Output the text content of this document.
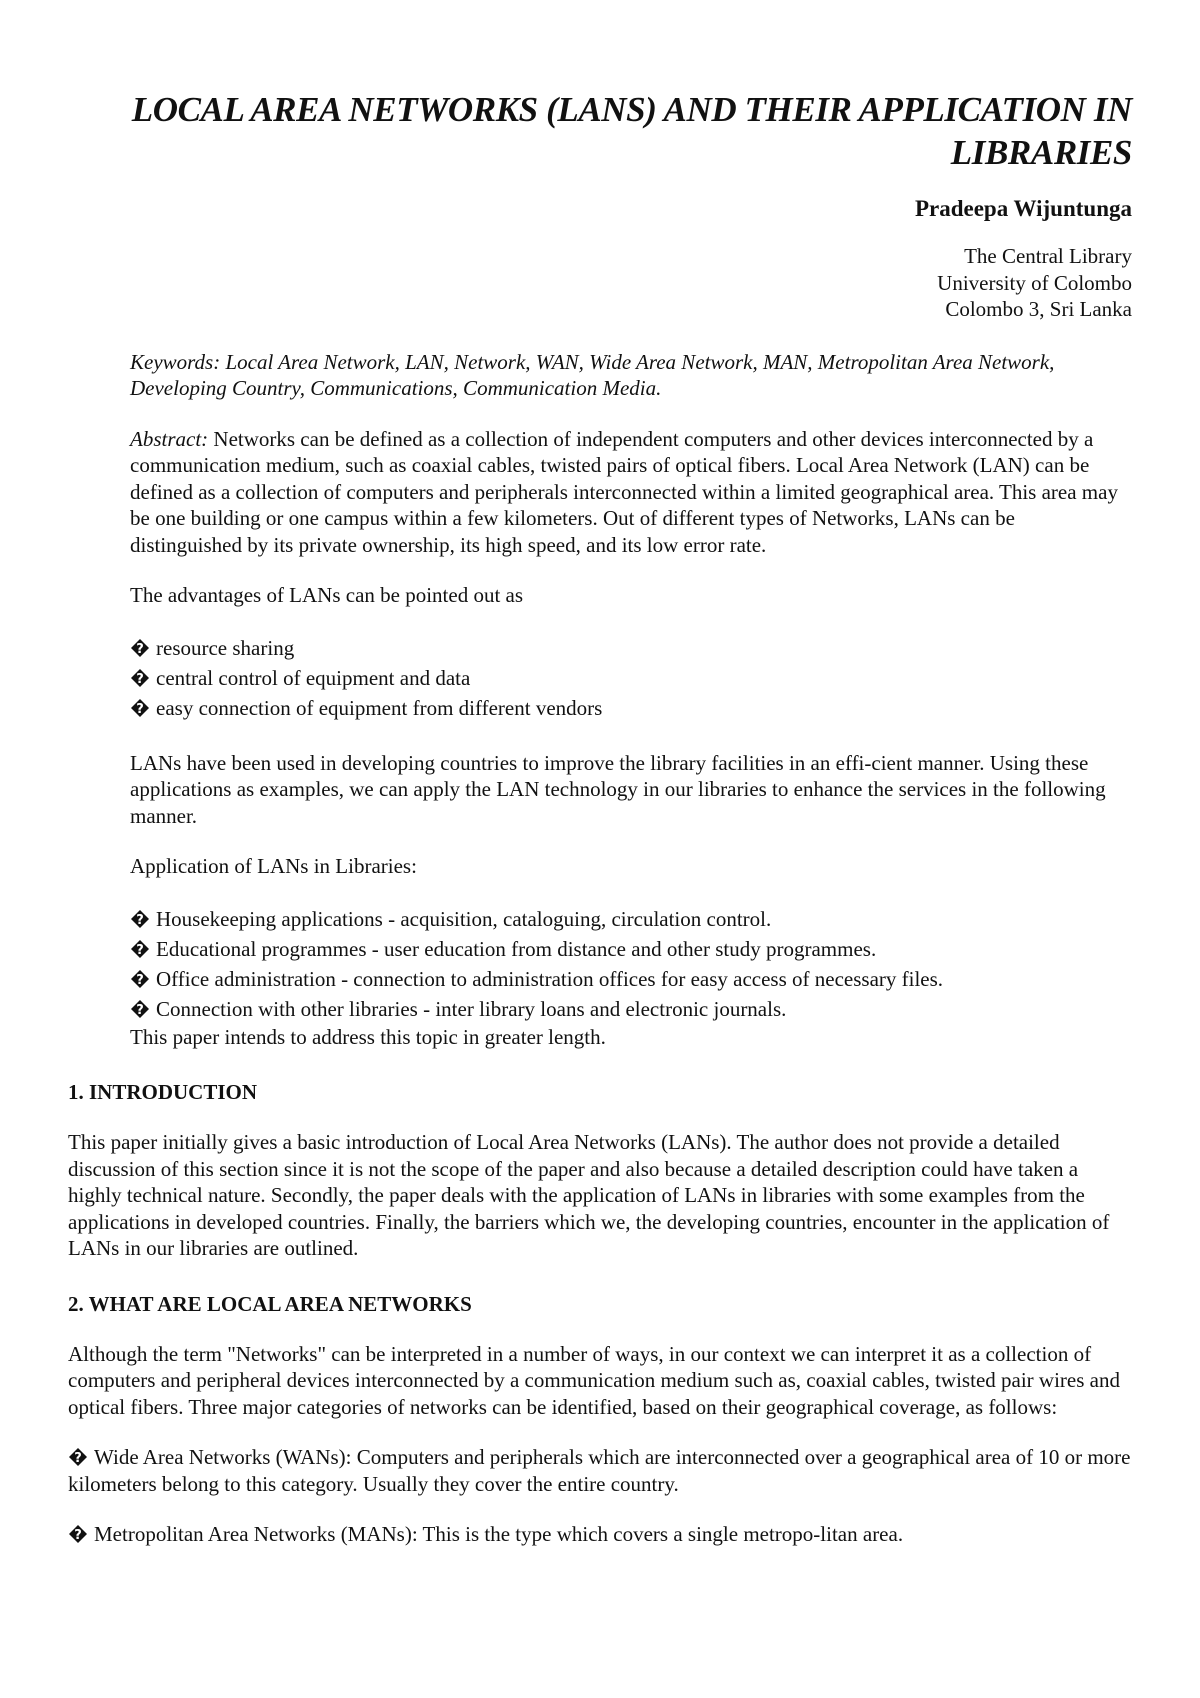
LOCAL AREA NETWORKS (LANS) AND THEIR APPLICATION IN LIBRARIES
Pradeepa Wijuntunga
The Central Library
University of Colombo
Colombo 3, Sri Lanka
Keywords: Local Area Network, LAN, Network, WAN, Wide Area Network, MAN, Metropolitan Area Network, Developing Country, Communications, Communication Media.
Abstract: Networks can be defined as a collection of independent computers and other devices interconnected by a communication medium, such as coaxial cables, twisted pairs of optical fibers. Local Area Network (LAN) can be defined as a collection of computers and peripherals interconnected within a limited geographical area. This area may be one building or one campus within a few kilometers. Out of different types of Networks, LANs can be distinguished by its private ownership, its high speed, and its low error rate.
The advantages of LANs can be pointed out as
? resource sharing
? central control of equipment and data
? easy connection of equipment from different vendors
LANs have been used in developing countries to improve the library facilities in an effi-cient manner. Using these applications as examples, we can apply the LAN technology in our libraries to enhance the services in the following manner.
Application of LANs in Libraries:
? Housekeeping applications - acquisition, cataloguing, circulation control.
? Educational programmes - user education from distance and other study programmes.
? Office administration - connection to administration offices for easy access of necessary files.
? Connection with other libraries - inter library loans and electronic journals.
This paper intends to address this topic in greater length.
1. INTRODUCTION
This paper initially gives a basic introduction of Local Area Networks (LANs). The author does not provide a detailed discussion of this section since it is not the scope of the paper and also because a detailed description could have taken a highly technical nature. Secondly, the paper deals with the application of LANs in libraries with some examples from the applications in developed countries. Finally, the barriers which we, the developing countries, encounter in the application of LANs in our libraries are outlined.
2. WHAT ARE LOCAL AREA NETWORKS
Although the term "Networks" can be interpreted in a number of ways, in our context we can interpret it as a collection of computers and peripheral devices interconnected by a communication medium such as, coaxial cables, twisted pair wires and optical fibers. Three major categories of networks can be identified, based on their geographical coverage, as follows:
? Wide Area Networks (WANs): Computers and peripherals which are interconnected over a geographical area of 10 or more kilometers belong to this category. Usually they cover the entire country.
? Metropolitan Area Networks (MANs): This is the type which covers a single metropo-litan area.
